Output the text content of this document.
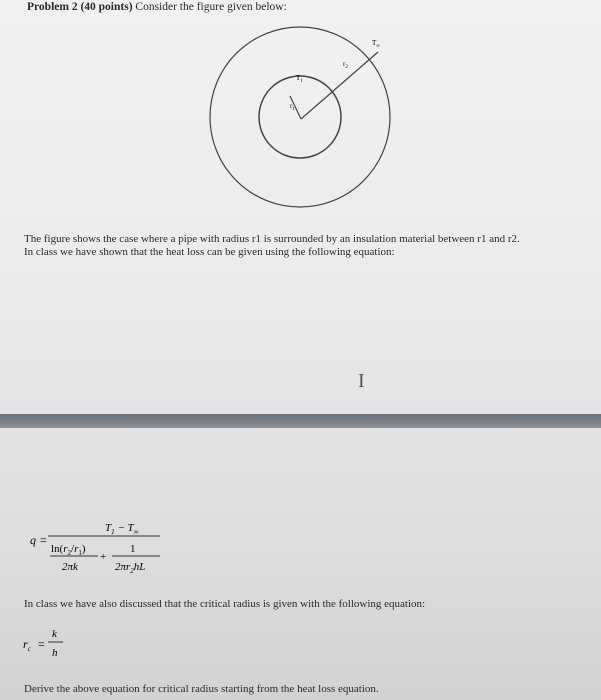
Problem 2 (40 points) Consider the figure given below:
$T_\infty$
$r_2$
$T_1$
$r_1$
The figure shows the case where a pipe with radius r1 is surrounded by an insulation material between r1 and r2.
In class we have shown that the heat loss can be given using the following equation:
I
q =
$T_1 - T_\infty$
$\ln(r_2/r_1)$
2πk
+
1
$2\pi r_2hL$
In class we have also discussed that the critical radius is given with the following equation:
$r_c$ =
k
h
Derive the above equation for critical radius starting from the heat loss equation.
